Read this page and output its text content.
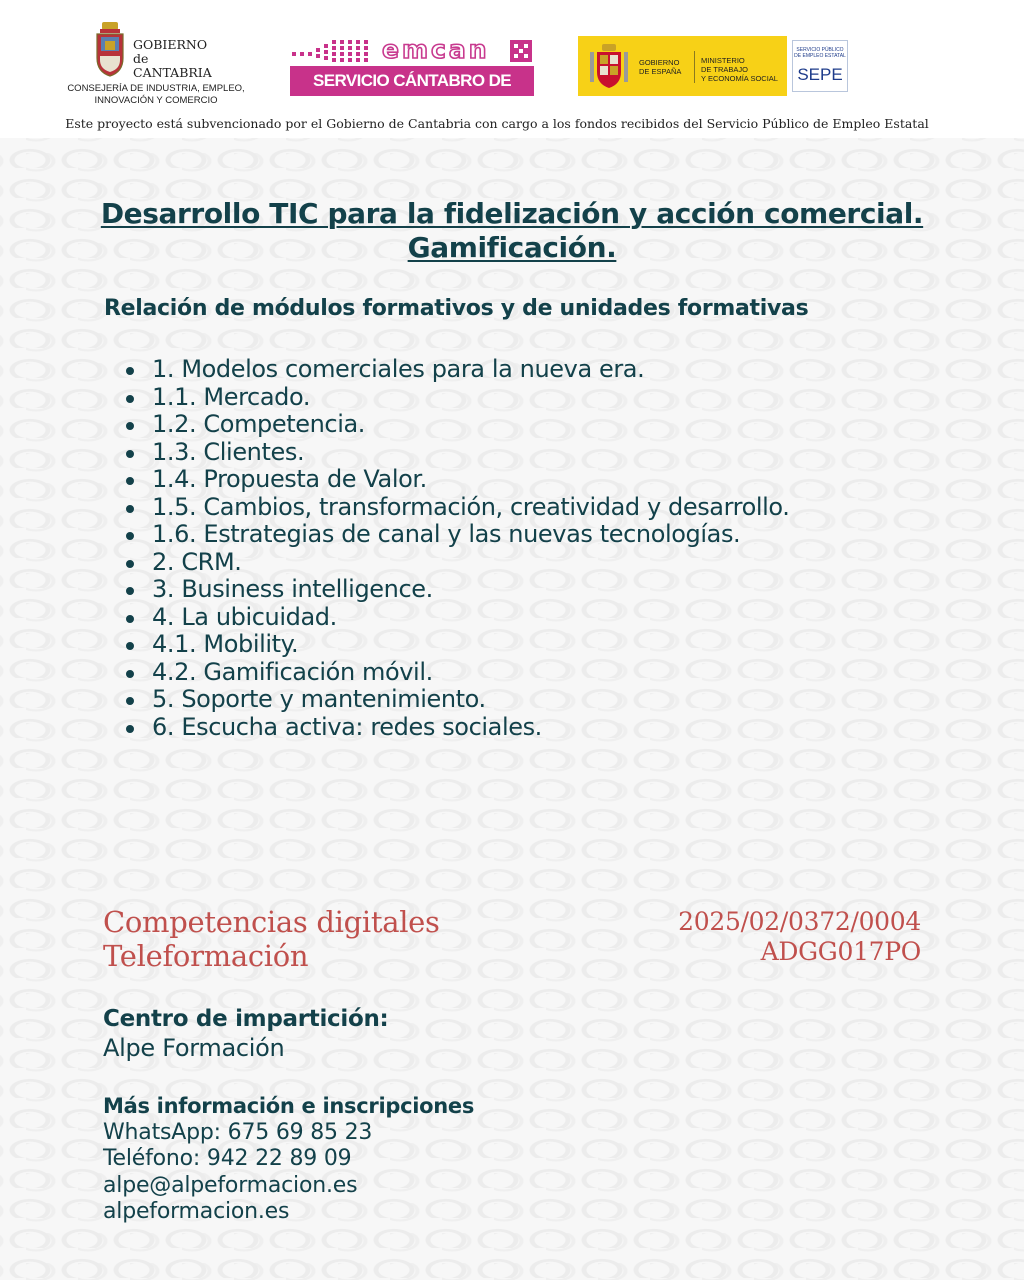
GOBIERNO
de
CANTABRIA
CONSEJERÍA DE INDUSTRIA, EMPLEO,
INNOVACIÓN Y COMERCIO
emcan
SERVICIO CÁNTABRO DE EMPLEO
GOBIERNO
DE ESPAÑA
MINISTERIO
DE TRABAJO
Y ECONOMÍA SOCIAL
SERVICIO PÚBLICO
DE EMPLEO ESTATAL
SEPE
Este proyecto está subvencionado por el Gobierno de Cantabria con cargo a los fondos recibidos del Servicio Público de Empleo Estatal
Desarrollo TIC para la fidelización y acción comercial. Gamificación.
Relación de módulos formativos y de unidades formativas
1. Modelos comerciales para la nueva era.
1.1. Mercado.
1.2. Competencia.
1.3. Clientes.
1.4. Propuesta de Valor.
1.5. Cambios, transformación, creatividad y desarrollo.
1.6. Estrategias de canal y las nuevas tecnologías.
2. CRM.
3. Business intelligence.
4. La ubicuidad.
4.1. Mobility.
4.2. Gamificación móvil.
5. Soporte y mantenimiento.
6. Escucha activa: redes sociales.
Competencias digitales
Teleformación
2025/02/0372/0004
ADGG017PO
Centro de impartición:
Alpe Formación
Más información e inscripciones
WhatsApp: 675 69 85 23
Teléfono: 942 22 89 09
alpe@alpeformacion.es
alpeformacion.es
